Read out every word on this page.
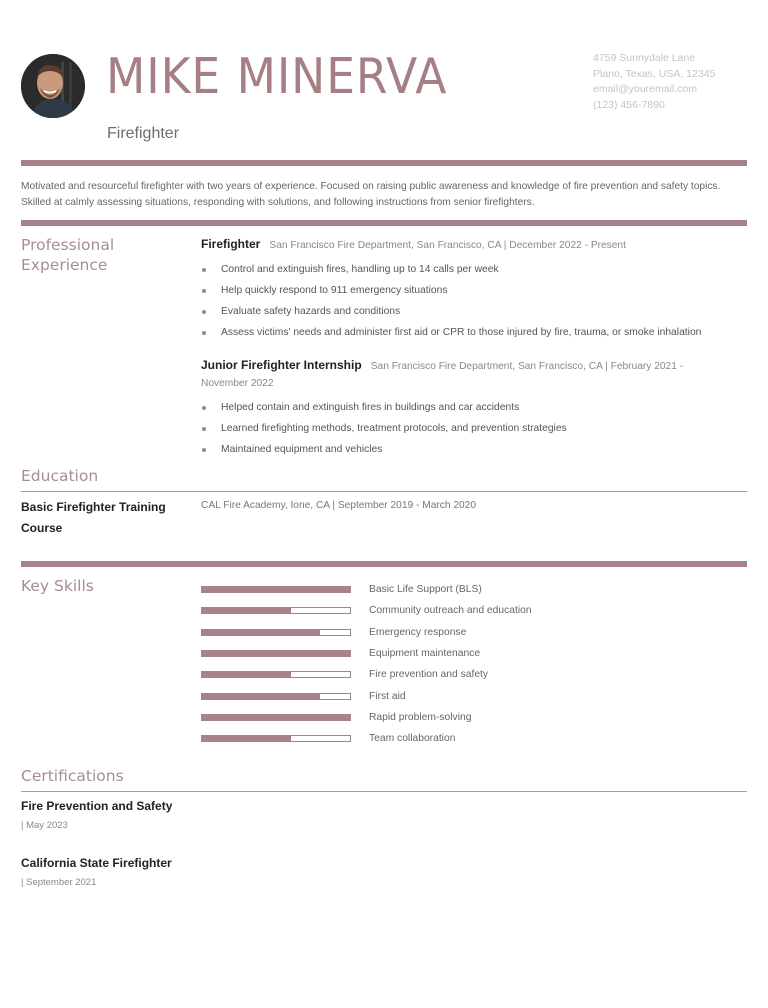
MIKE MINERVA
Firefighter
4759 Sunnydale Lane
Plano, Texas, USA, 12345
email@youremail.com
(123) 456-7890
Motivated and resourceful firefighter with two years of experience. Focused on raising public awareness and knowledge of fire prevention and safety topics. Skilled at calmly assessing situations, responding with solutions, and following instructions from senior firefighters.
Professional
Experience
Firefighter San Francisco Fire Department, San Francisco, CA | December 2022 - Present
Control and extinguish fires, handling up to 14 calls per week
Help quickly respond to 911 emergency situations
Evaluate safety hazards and conditions
Assess victims' needs and administer first aid or CPR to those injured by fire, trauma, or smoke inhalation
Junior Firefighter Internship San Francisco Fire Department, San Francisco, CA | February 2021 - November 2022
Helped contain and extinguish fires in buildings and car accidents
Learned firefighting methods, treatment protocols, and prevention strategies
Maintained equipment and vehicles
Education
Basic Firefighter Training Course
CAL Fire Academy, Ione, CA | September 2019 - March 2020
Key Skills	Basic Life Support (BLS)
Community outreach and education
Emergency response
Equipment maintenance
Fire prevention and safety
First aid
Rapid problem-solving
Team collaboration
Certifications
Fire Prevention and Safety
| May 2023
California State Firefighter
| September 2021
